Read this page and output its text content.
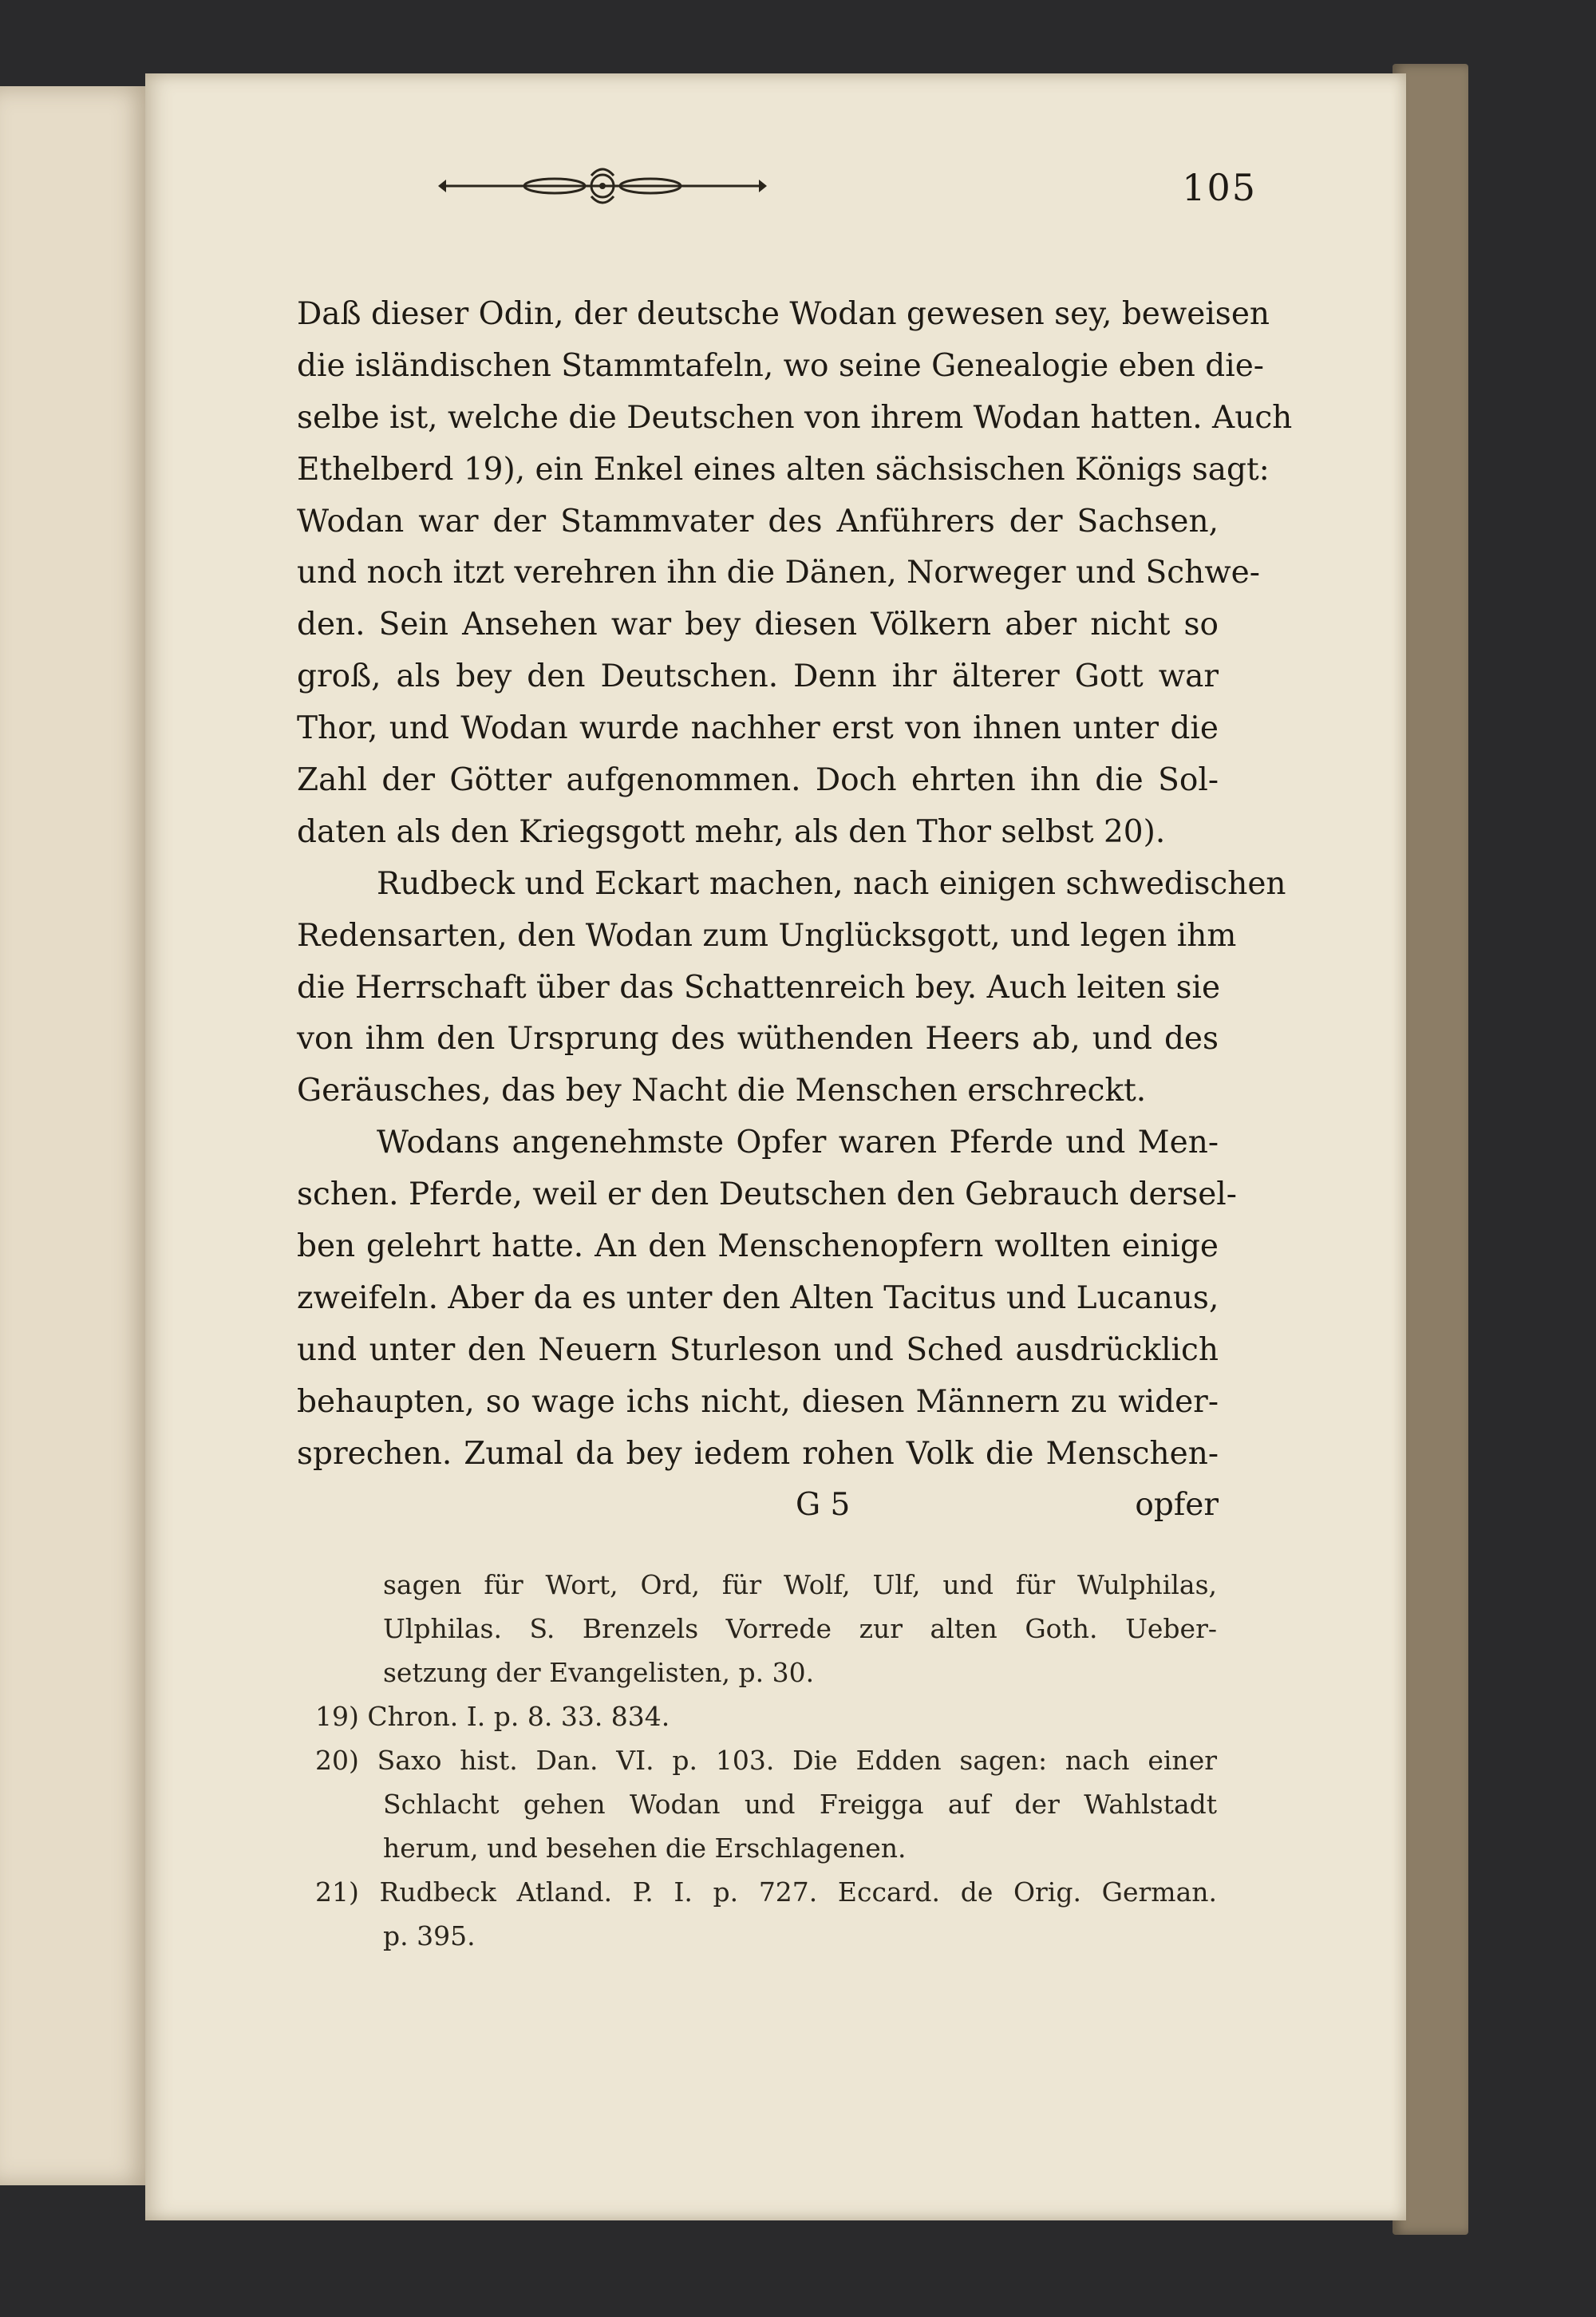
105
Daß dieser Odin, der deutsche Wodan gewesen sey, beweisen
die isländischen Stammtafeln, wo seine Genealogie eben die-
selbe ist, welche die Deutschen von ihrem Wodan hatten. Auch
Ethelberd 19), ein Enkel eines alten sächsischen Königs sagt:
Wodan war der Stammvater des Anführers der Sachsen,
und noch itzt verehren ihn die Dänen, Norweger und Schwe-
den. Sein Ansehen war bey diesen Völkern aber nicht so
groß, als bey den Deutschen. Denn ihr älterer Gott war
Thor, und Wodan wurde nachher erst von ihnen unter die
Zahl der Götter aufgenommen. Doch ehrten ihn die Sol-
daten als den Kriegsgott mehr, als den Thor selbst 20).
Rudbeck und Eckart machen, nach einigen schwedischen
Redensarten, den Wodan zum Unglücksgott, und legen ihm
die Herrschaft über das Schattenreich bey. Auch leiten sie
von ihm den Ursprung des wüthenden Heers ab, und des
Geräusches, das bey Nacht die Menschen erschreckt.
Wodans angenehmste Opfer waren Pferde und Men-
schen. Pferde, weil er den Deutschen den Gebrauch dersel-
ben gelehrt hatte. An den Menschenopfern wollten einige
zweifeln. Aber da es unter den Alten Tacitus und Lucanus,
und unter den Neuern Sturleson und Sched ausdrücklich
behaupten, so wage ichs nicht, diesen Männern zu wider-
sprechen. Zumal da bey iedem rohen Volk die Menschen-
G 5	opfer
sagen für Wort, Ord, für Wolf, Ulf, und für Wulphilas,
Ulphilas. S. Brenzels Vorrede zur alten Goth. Ueber-
setzung der Evangelisten, p. 30.
19) Chron. I. p. 8. 33. 834.
20) Saxo hist. Dan. VI. p. 103. Die Edden sagen: nach einer
Schlacht gehen Wodan und Freigga auf der Wahlstadt
herum, und besehen die Erschlagenen.
21) Rudbeck Atland. P. I. p. 727. Eccard. de Orig. German.
p. 395.
